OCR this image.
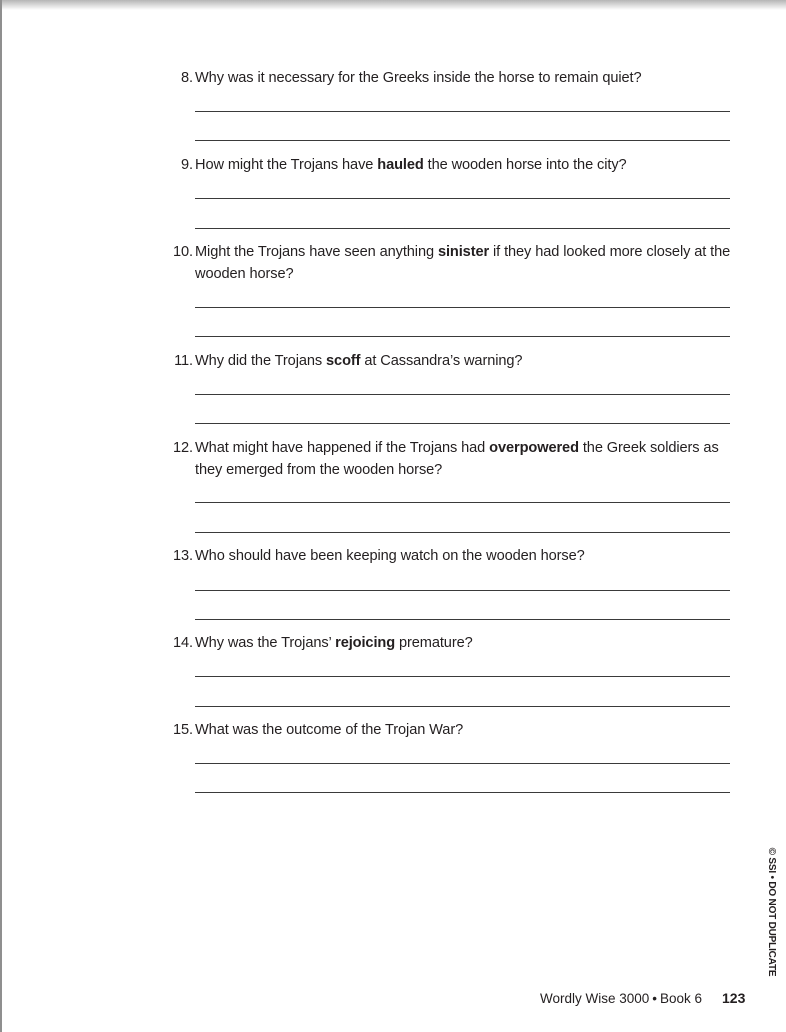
8. Why was it necessary for the Greeks inside the horse to remain quiet?
9. How might the Trojans have hauled the wooden horse into the city?
10. Might the Trojans have seen anything sinister if they had looked more closely at the wooden horse?
11. Why did the Trojans scoff at Cassandra’s warning?
12. What might have happened if the Trojans had overpowered the Greek soldiers as they emerged from the wooden horse?
13. Who should have been keeping watch on the wooden horse?
14. Why was the Trojans’ rejoicing premature?
15. What was the outcome of the Trojan War?
© SSI • DO NOT DUPLICATE
Wordly Wise 3000 • Book 6 123
